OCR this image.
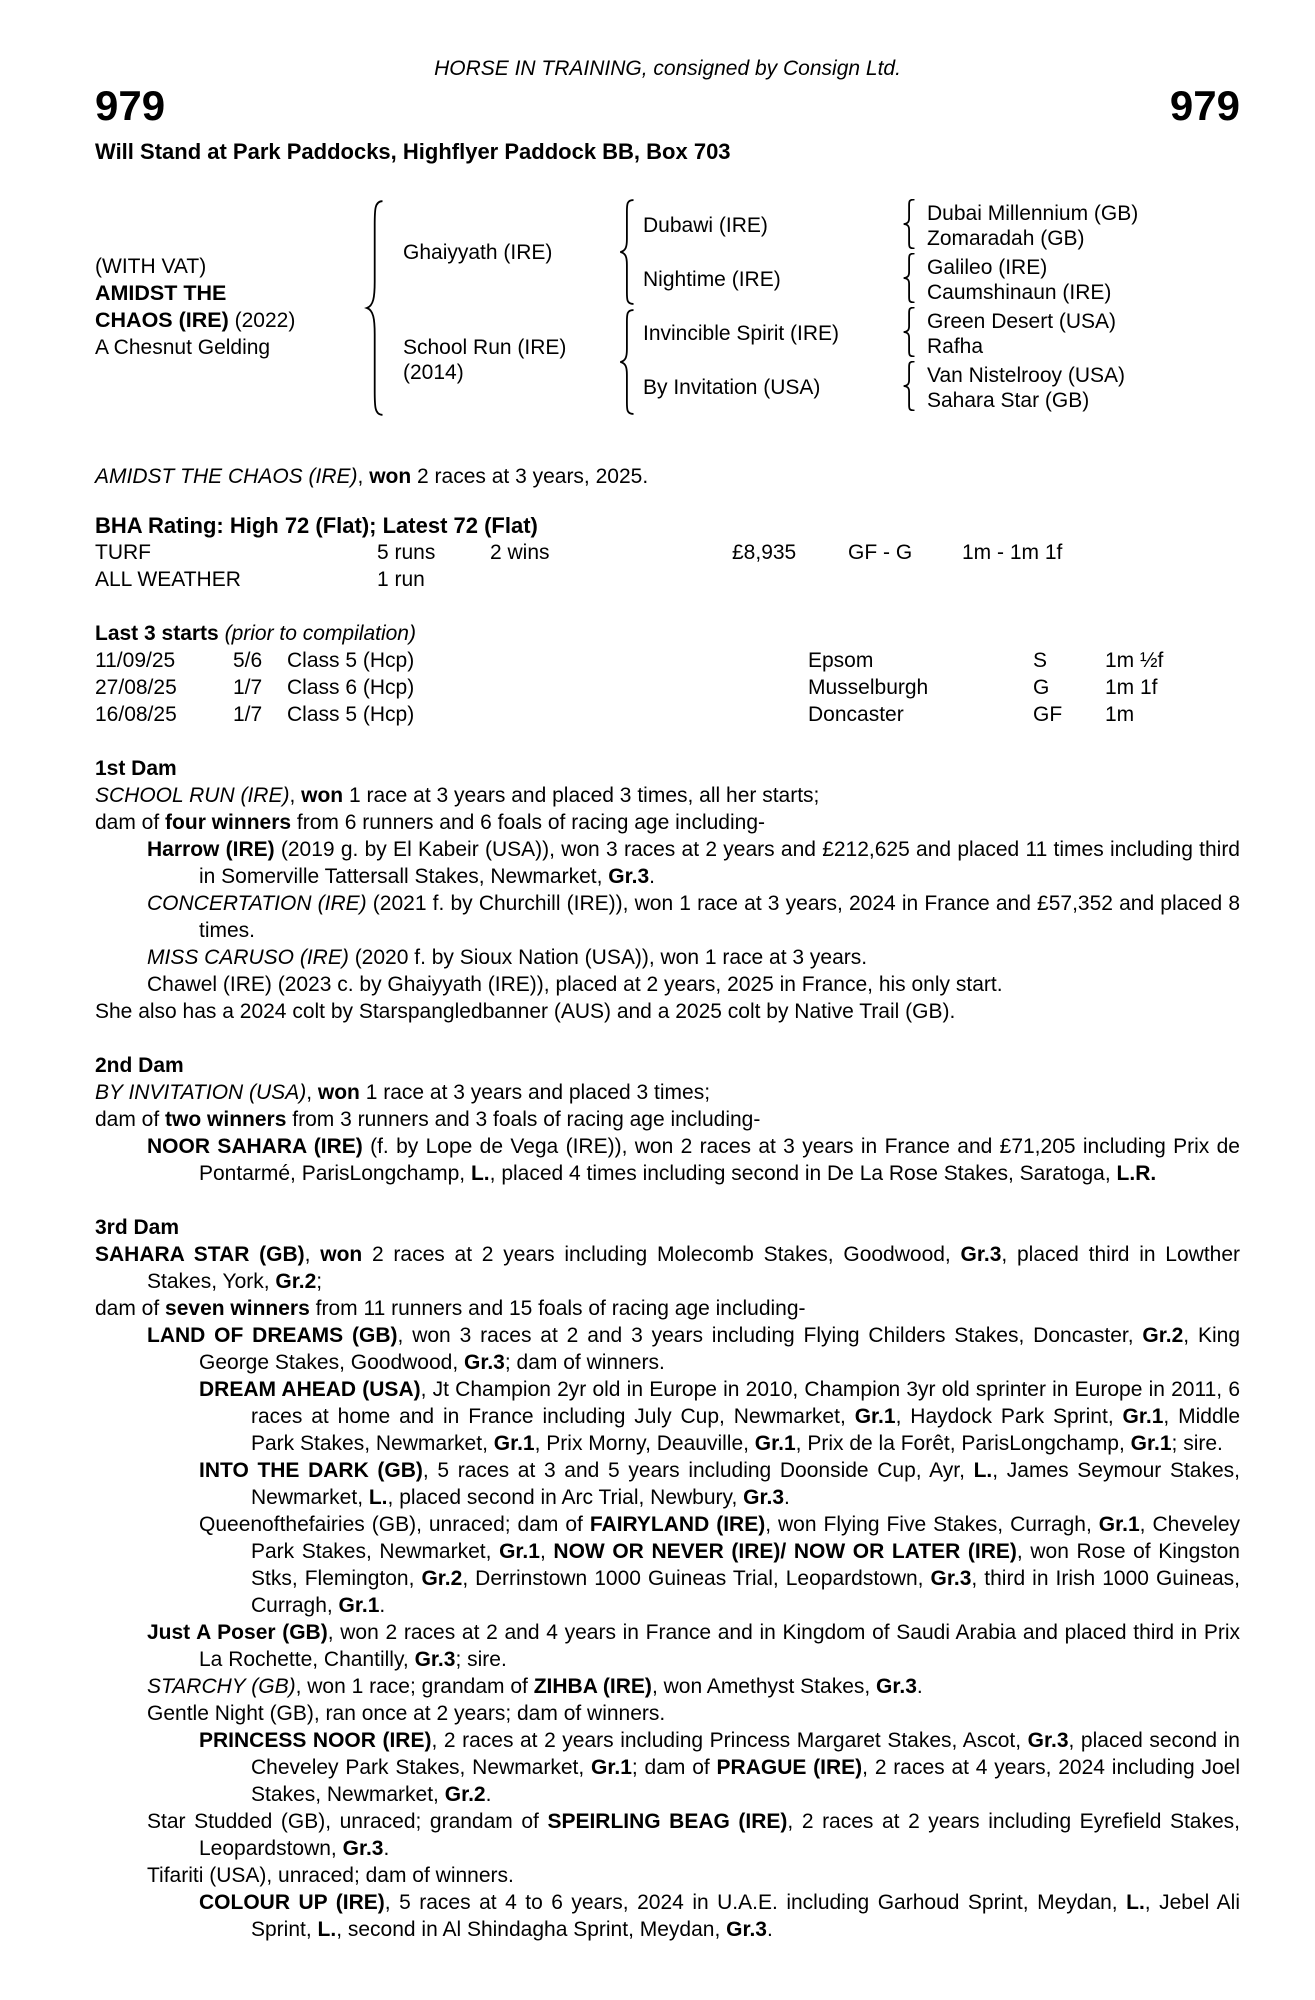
HORSE IN TRAINING, consigned by Consign Ltd.
979	979
Will Stand at Park Paddocks, Highflyer Paddock BB, Box 703
(WITH VAT)
AMIDST THE
CHAOS (IRE) (2022)
A Chesnut Gelding
Ghaiyyath (IRE)
School Run (IRE)
(2014)
Dubawi (IRE)
Nightime (IRE)
Invincible Spirit (IRE)
By Invitation (USA)
Dubai Millennium (GB)
Zomaradah (GB)
Galileo (IRE)
Caumshinaun (IRE)
Green Desert (USA)
Rafha
Van Nistelrooy (USA)
Sahara Star (GB)
AMIDST THE CHAOS (IRE), won 2 races at 3 years, 2025.
BHA Rating: High 72 (Flat); Latest 72 (Flat)
TURF	5 runs	2 wins	£8,935	GF - G	1m - 1m 1f
ALL WEATHER	1 run
Last 3 starts (prior to compilation)
11/09/25	5/6	Class 5 (Hcp)	Epsom	S	1m ½f
27/08/25	1/7	Class 6 (Hcp)	Musselburgh	G	1m 1f
16/08/25	1/7	Class 5 (Hcp)	Doncaster	GF	1m
1st Dam
SCHOOL RUN (IRE), won 1 race at 3 years and placed 3 times, all her starts;
dam of four winners from 6 runners and 6 foals of racing age including-
Harrow (IRE) (2019 g. by El Kabeir (USA)), won 3 races at 2 years and £212,625 and placed 11 times including third in Somerville Tattersall Stakes, Newmarket, Gr.3.
CONCERTATION (IRE) (2021 f. by Churchill (IRE)), won 1 race at 3 years, 2024 in France and £57,352 and placed 8 times.
MISS CARUSO (IRE) (2020 f. by Sioux Nation (USA)), won 1 race at 3 years.
Chawel (IRE) (2023 c. by Ghaiyyath (IRE)), placed at 2 years, 2025 in France, his only start.
She also has a 2024 colt by Starspangledbanner (AUS) and a 2025 colt by Native Trail (GB).
2nd Dam
BY INVITATION (USA), won 1 race at 3 years and placed 3 times;
dam of two winners from 3 runners and 3 foals of racing age including-
NOOR SAHARA (IRE) (f. by Lope de Vega (IRE)), won 2 races at 3 years in France and £71,205 including Prix de Pontarmé, ParisLongchamp, L., placed 4 times including second in De La Rose Stakes, Saratoga, L.R.
3rd Dam
SAHARA STAR (GB), won 2 races at 2 years including Molecomb Stakes, Goodwood, Gr.3, placed third in Lowther Stakes, York, Gr.2;
dam of seven winners from 11 runners and 15 foals of racing age including-
LAND OF DREAMS (GB), won 3 races at 2 and 3 years including Flying Childers Stakes, Doncaster, Gr.2, King George Stakes, Goodwood, Gr.3; dam of winners.
DREAM AHEAD (USA), Jt Champion 2yr old in Europe in 2010, Champion 3yr old sprinter in Europe in 2011, 6 races at home and in France including July Cup, Newmarket, Gr.1, Haydock Park Sprint, Gr.1, Middle Park Stakes, Newmarket, Gr.1, Prix Morny, Deauville, Gr.1, Prix de la Forêt, ParisLongchamp, Gr.1; sire.
INTO THE DARK (GB), 5 races at 3 and 5 years including Doonside Cup, Ayr, L., James Seymour Stakes, Newmarket, L., placed second in Arc Trial, Newbury, Gr.3.
Queenofthefairies (GB), unraced; dam of FAIRYLAND (IRE), won Flying Five Stakes, Curragh, Gr.1, Cheveley Park Stakes, Newmarket, Gr.1, NOW OR NEVER (IRE)/ NOW OR LATER (IRE), won Rose of Kingston Stks, Flemington, Gr.2, Derrinstown 1000 Guineas Trial, Leopardstown, Gr.3, third in Irish 1000 Guineas, Curragh, Gr.1.
Just A Poser (GB), won 2 races at 2 and 4 years in France and in Kingdom of Saudi Arabia and placed third in Prix La Rochette, Chantilly, Gr.3; sire.
STARCHY (GB), won 1 race; grandam of ZIHBA (IRE), won Amethyst Stakes, Gr.3.
Gentle Night (GB), ran once at 2 years; dam of winners.
PRINCESS NOOR (IRE), 2 races at 2 years including Princess Margaret Stakes, Ascot, Gr.3, placed second in Cheveley Park Stakes, Newmarket, Gr.1; dam of PRAGUE (IRE), 2 races at 4 years, 2024 including Joel Stakes, Newmarket, Gr.2.
Star Studded (GB), unraced; grandam of SPEIRLING BEAG (IRE), 2 races at 2 years including Eyrefield Stakes, Leopardstown, Gr.3.
Tifariti (USA), unraced; dam of winners.
COLOUR UP (IRE), 5 races at 4 to 6 years, 2024 in U.A.E. including Garhoud Sprint, Meydan, L., Jebel Ali Sprint, L., second in Al Shindagha Sprint, Meydan, Gr.3.
